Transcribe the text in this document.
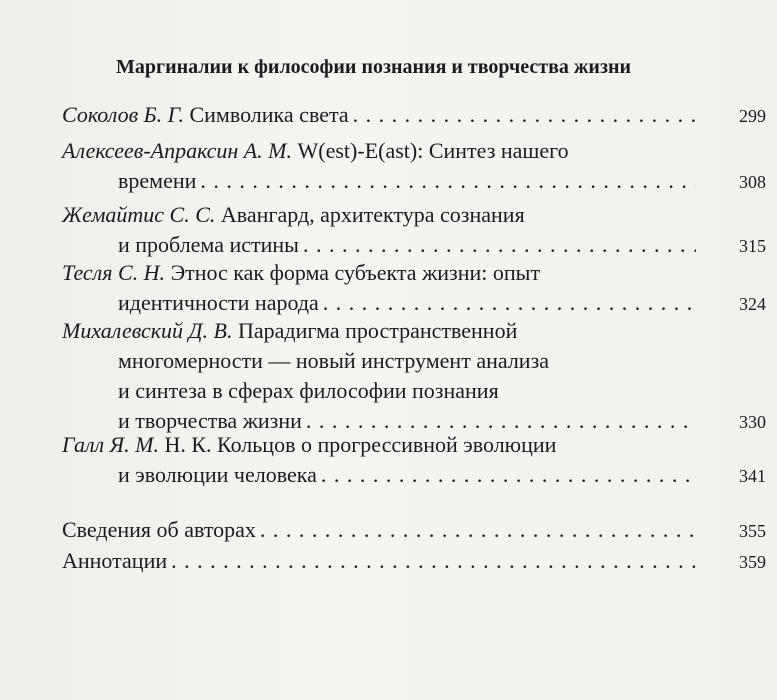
Маргиналии к философии познания и творчества жизни
Соколов Б. Г. Символика света . . .	299
Алексеев-Апраксин А. М. W(est)-E(ast): Синтез нашего
времени . . .	308
Жемайтис С. С. Авангард, архитектура сознания
и проблема истины . . .	315
Тесля С. Н. Этнос как форма субъекта жизни: опыт
идентичности народа . . .	324
Михалевский Д. В. Парадигма пространственной
многомерности — новый инструмент анализа
и синтеза в сферах философии познания
и творчества жизни . . .	330
Галл Я. М. Н. К. Кольцов о прогрессивной эволюции
и эволюции человека . . .	341
Сведения об авторах . . .	355
Аннотации . . .	359
